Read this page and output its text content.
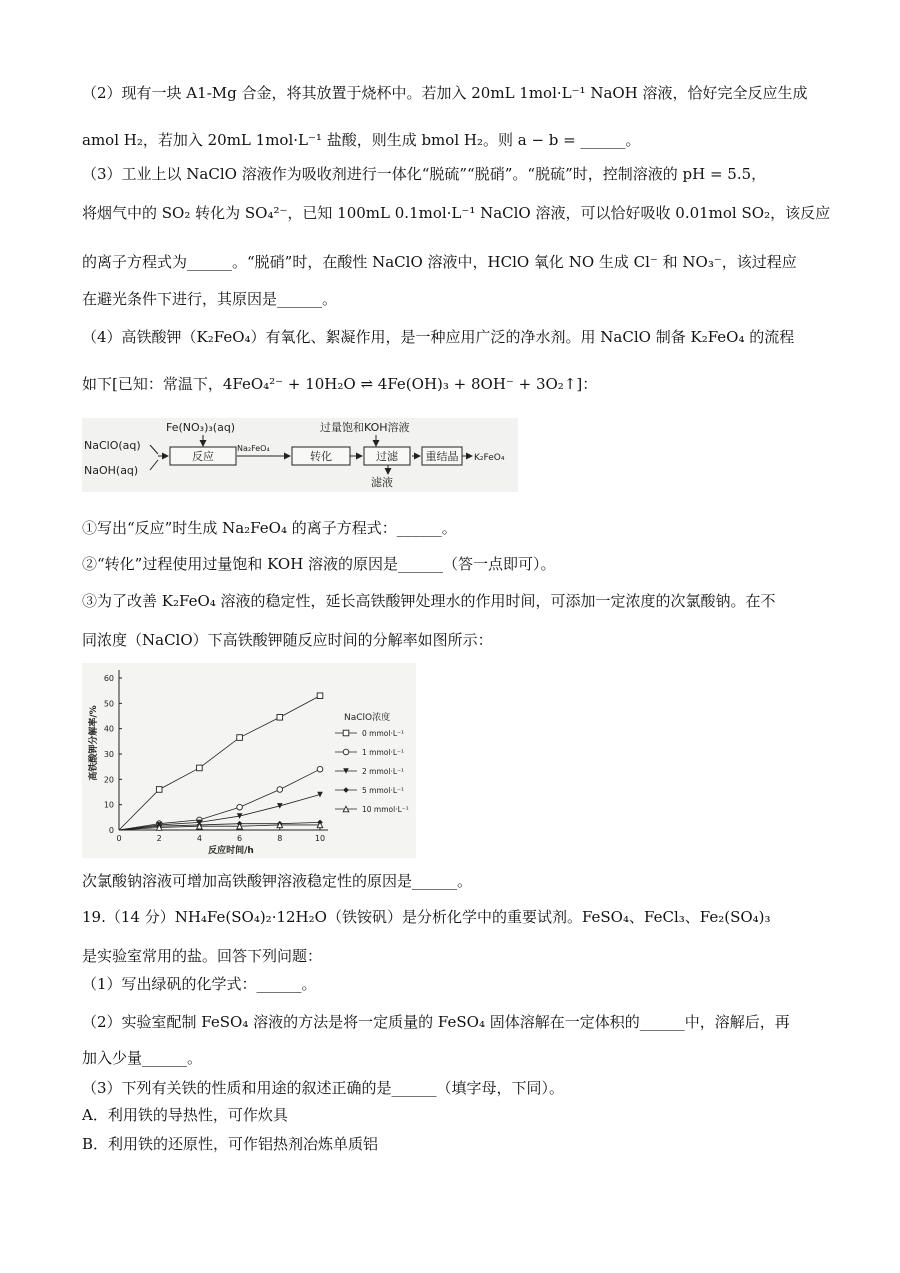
（2）现有一块 A1-Mg 合金，将其放置于烧杯中。若加入 20mL 1mol·L⁻¹ NaOH 溶液，恰好完全反应生成
amol H₂，若加入 20mL 1mol·L⁻¹ 盐酸，则生成 bmol H₂。则 a − b = ______。
（3）工业上以 NaClO 溶液作为吸收剂进行一体化“脱硫”“脱硝”。“脱硫”时，控制溶液的 pH = 5.5，
将烟气中的 SO₂ 转化为 SO₄²⁻，已知 100mL 0.1mol·L⁻¹ NaClO 溶液，可以恰好吸收 0.01mol SO₂，该反应
的离子方程式为______。“脱硝”时，在酸性 NaClO 溶液中，HClO 氧化 NO 生成 Cl⁻ 和 NO₃⁻，该过程应
在避光条件下进行，其原因是______。
（4）高铁酸钾（K₂FeO₄）有氧化、絮凝作用，是一种应用广泛的净水剂。用 NaClO 制备 K₂FeO₄ 的流程
如下[已知：常温下，4FeO₄²⁻ + 10H₂O ⇌ 4Fe(OH)₃ + 8OH⁻ + 3O₂↑]：
NaClO(aq)
NaOH(aq)
Fe(NO₃)₃(aq)	过量饱和KOH溶液
Na₂FeO₄
K₂FeO₄
滤液
反应	转化	过滤	重结晶
①写出“反应”时生成 Na₂FeO₄ 的离子方程式：______。
②“转化”过程使用过量饱和 KOH 溶液的原因是______（答一点即可）。
③为了改善 K₂FeO₄ 溶液的稳定性，延长高铁酸钾处理水的作用时间，可添加一定浓度的次氯酸钠。在不
同浓度（NaClO）下高铁酸钾随反应时间的分解率如图所示：
0
10
20
30
40
50
60
2	4	6	8	10
0
0 mmol·L⁻¹
1 mmol·L⁻¹
2 mmol·L⁻¹
5 mmol·L⁻¹
10 mmol·L⁻¹
高铁酸钾分解率/%
反应时间/h
NaClO浓度
次氯酸钠溶液可增加高铁酸钾溶液稳定性的原因是______。
19.（14 分）NH₄Fe(SO₄)₂·12H₂O（铁铵矾）是分析化学中的重要试剂。FeSO₄、FeCl₃、Fe₂(SO₄)₃
是实验室常用的盐。回答下列问题：
（1）写出绿矾的化学式：______。
（2）实验室配制 FeSO₄ 溶液的方法是将一定质量的 FeSO₄ 固体溶解在一定体积的______中，溶解后，再
加入少量______。
（3）下列有关铁的性质和用途的叙述正确的是______（填字母，下同）。
A．利用铁的导热性，可作炊具
B．利用铁的还原性，可作铝热剂冶炼单质铝
